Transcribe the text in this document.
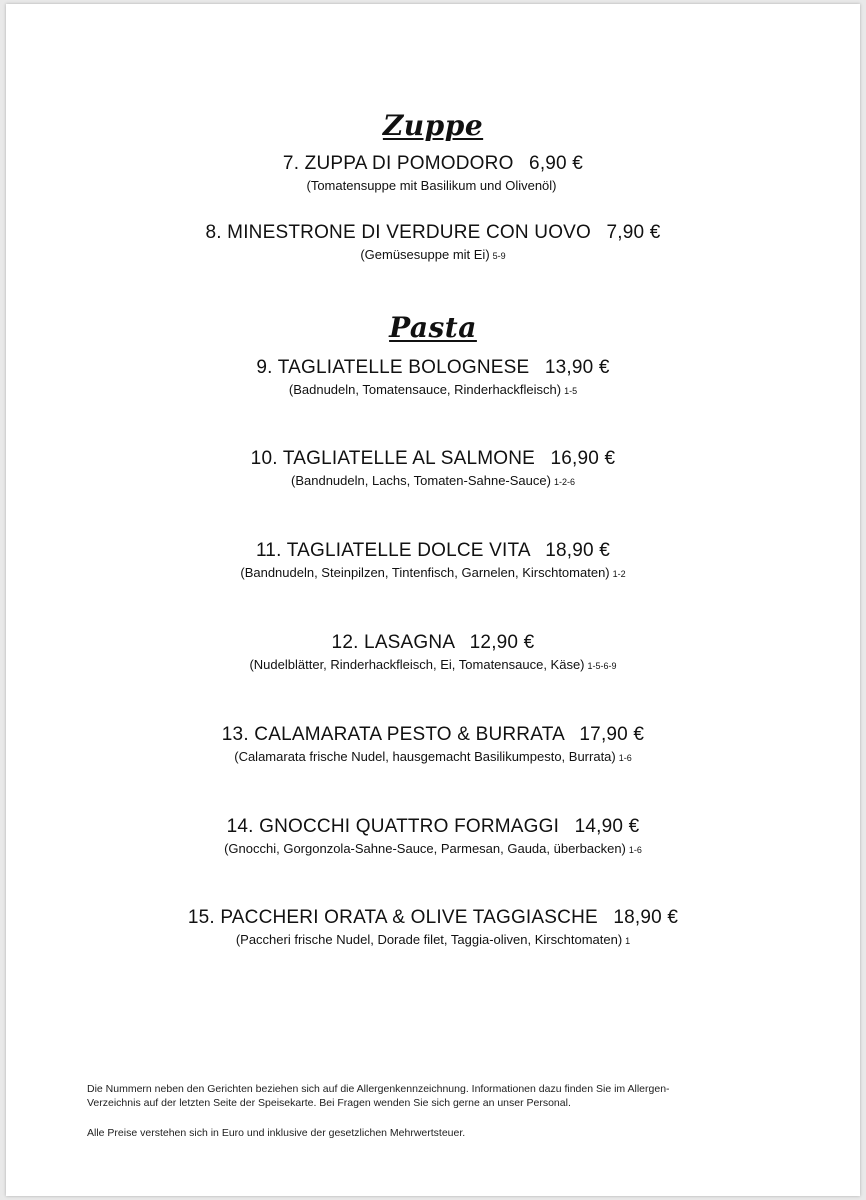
Zuppe
7. ZUPPA DI POMODORO 6,90 €
(Tomatensuppe mit Basilikum und Olivenöl)
8. MINESTRONE DI VERDURE CON UOVO 7,90 €
(Gemüsesuppe mit Ei) 5-9
Pasta
9. TAGLIATELLE BOLOGNESE 13,90 €
(Badnudeln, Tomatensauce, Rinderhackfleisch) 1-5
10. TAGLIATELLE AL SALMONE 16,90 €
(Bandnudeln, Lachs, Tomaten-Sahne-Sauce) 1-2-6
11. TAGLIATELLE DOLCE VITA 18,90 €
(Bandnudeln, Steinpilzen, Tintenfisch, Garnelen, Kirschtomaten) 1-2
12. LASAGNA 12,90 €
(Nudelblätter, Rinderhackfleisch, Ei, Tomatensauce, Käse) 1-5-6-9
13. CALAMARATA PESTO & BURRATA 17,90 €
(Calamarata frische Nudel, hausgemacht Basilikumpesto, Burrata) 1-6
14. GNOCCHI QUATTRO FORMAGGI 14,90 €
(Gnocchi, Gorgonzola-Sahne-Sauce, Parmesan, Gauda, überbacken) 1-6
15. PACCHERI ORATA & OLIVE TAGGIASCHE 18,90 €
(Paccheri frische Nudel, Dorade filet, Taggia-oliven, Kirschtomaten) 1
Die Nummern neben den Gerichten beziehen sich auf die Allergenkennzeichnung. Informationen dazu finden Sie im Allergen-
Verzeichnis auf der letzten Seite der Speisekarte. Bei Fragen wenden Sie sich gerne an unser Personal.
Alle Preise verstehen sich in Euro und inklusive der gesetzlichen Mehrwertsteuer.
